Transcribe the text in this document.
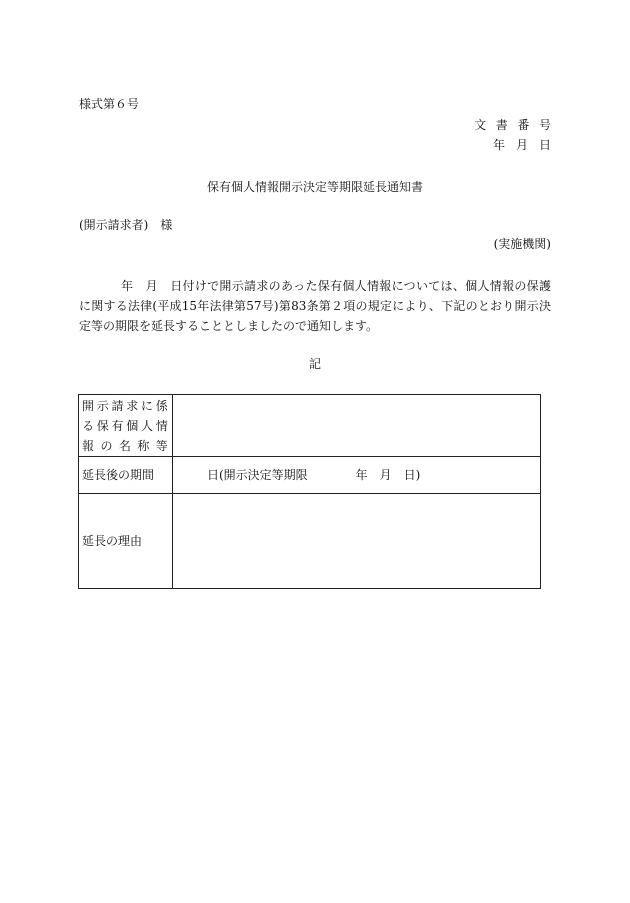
様式第６号
文書番号
年 月 日
保有個人情報開示決定等期限延長通知書
(開示請求者)　様
(実施機関)
年　月　日付けで開示請求のあった保有個人情報については、個人情報の保護に関する法律(平成15年法律第57号)第83条第２項の規定により、下記のとおり開示決定等の期限を延長することとしましたので通知します。
記
開示請求に係る保有個人情報の名称等	

延長後の期間	日(開示決定等期限　　　　年　月　日)
延長の理由	
